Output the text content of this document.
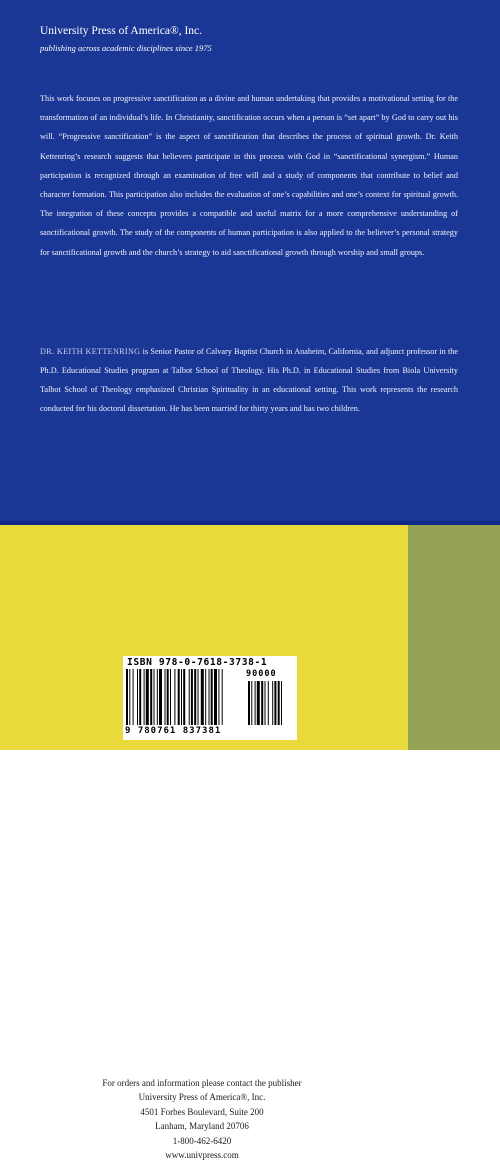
University Press of America®, Inc.
publishing across academic disciplines since 1975
This work focuses on progressive sanctification as a divine and human undertaking that provides a motivational setting for the transformation of an individual’s life. In Christianity, sanctification occurs when a person is “set apart” by God to carry out his will. “Progressive sanctification” is the aspect of sanctification that describes the process of spiritual growth. Dr. Keith Kettenring’s research suggests that believers participate in this process with God in “sanctificational synergism.” Human participation is recognized through an examination of free will and a study of components that contribute to belief and character formation. This participation also includes the evaluation of one’s capabilities and one’s context for spiritual growth. The integration of these concepts provides a compatible and useful matrix for a more comprehensive understanding of sanctificational growth. The study of the components of human participation is also applied to the believer’s personal strategy for sanctificational growth and the church’s strategy to aid sanctificational growth through worship and small groups.
DR. KEITH KETTENRING is Senior Pastor of Calvary Baptist Church in Anaheim, California, and adjunct professor in the Ph.D. Educational Studies program at Talbot School of Theology. His Ph.D. in Educational Studies from Biola University Talbot School of Theology emphasized Christian Spirituality in an educational setting. This work represents the research conducted for his doctoral dissertation. He has been married for thirty years and has two children.
For orders and information please contact the publisher
University Press of America®, Inc.
4501 Forbes Boulevard, Suite 200
Lanham, Maryland 20706
1-800-462-6420
www.univpress.com
ISBN 978-0-7618-3738-1
90000
9 780761 837381
